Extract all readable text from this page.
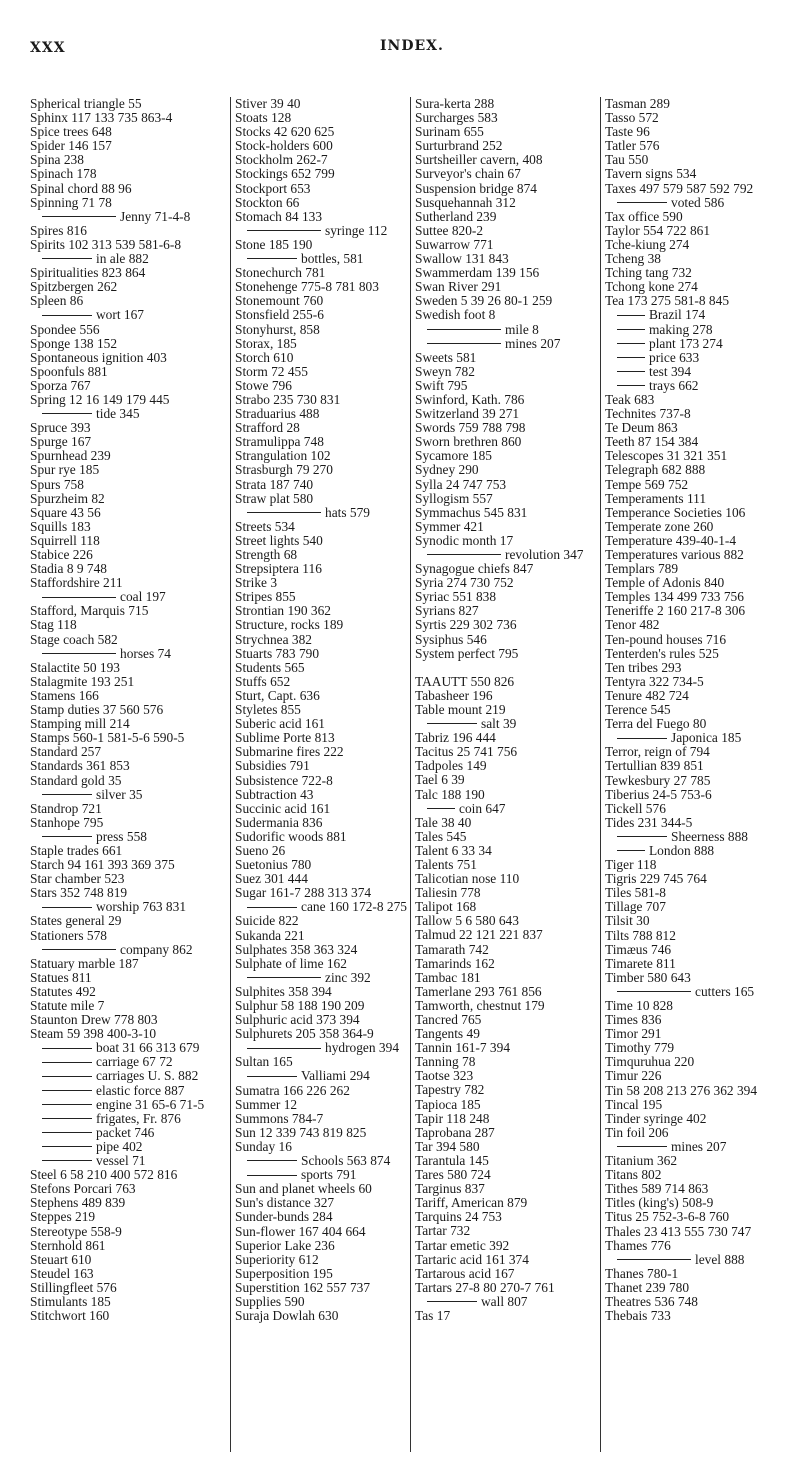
XXX	INDEX.
Spherical triangle 55
Sphinx 117 133 735 863-4
Spice trees 648
Spider 146 157
Spina 238
Spinach 178
Spinal chord 88 96
Spinning 71 78
Jenny 71-4-8
Spires 816
Spirits 102 313 539 581-6-8
in ale 882
Spiritualities 823 864
Spitzbergen 262
Spleen 86
wort 167
Spondee 556
Sponge 138 152
Spontaneous ignition 403
Spoonfuls 881
Sporza 767
Spring 12 16 149 179 445
tide 345
Spruce 393
Spurge 167
Spurnhead 239
Spur rye 185
Spurs 758
Spurzheim 82
Square 43 56
Squills 183
Squirrell 118
Stabice 226
Stadia 8 9 748
Staffordshire 211
coal 197
Stafford, Marquis 715
Stag 118
Stage coach 582
horses 74
Stalactite 50 193
Stalagmite 193 251
Stamens 166
Stamp duties 37 560 576
Stamping mill 214
Stamps 560-1 581-5-6 590-5
Standard 257
Standards 361 853
Standard gold 35
silver 35
Standrop 721
Stanhope 795
press 558
Staple trades 661
Starch 94 161 393 369 375
Star chamber 523
Stars 352 748 819
worship 763 831
States general 29
Stationers 578
company 862
Statuary marble 187
Statues 811
Statutes 492
Statute mile 7
Staunton Drew 778 803
Steam 59 398 400-3-10
boat 31 66 313 679
carriage 67 72
carriages U. S. 882
elastic force 887
engine 31 65-6 71-5
frigates, Fr. 876
packet 746
pipe 402
vessel 71
Steel 6 58 210 400 572 816
Stefons Porcari 763
Stephens 489 839
Steppes 219
Stereotype 558-9
Sternhold 861
Steuart 610
Steudel 163
Stillingfleet 576
Stimulants 185
Stitchwort 160
Stiver 39 40
Stoats 128
Stocks 42 620 625
Stock-holders 600
Stockholm 262-7
Stockings 652 799
Stockport 653
Stockton 66
Stomach 84 133
syringe 112
Stone 185 190
bottles, 581
Stonechurch 781
Stonehenge 775-8 781 803
Stonemount 760
Stonsfield 255-6
Stonyhurst, 858
Storax, 185
Storch 610
Storm 72 455
Stowe 796
Strabo 235 730 831
Straduarius 488
Strafford 28
Stramulippa 748
Strangulation 102
Strasburgh 79 270
Strata 187 740
Straw plat 580
hats 579
Streets 534
Street lights 540
Strength 68
Strepsiptera 116
Strike 3
Stripes 855
Strontian 190 362
Structure, rocks 189
Strychnea 382
Stuarts 783 790
Students 565
Stuffs 652
Sturt, Capt. 636
Styletes 855
Suberic acid 161
Sublime Porte 813
Submarine fires 222
Subsidies 791
Subsistence 722-8
Subtraction 43
Succinic acid 161
Sudermania 836
Sudorific woods 881
Sueno 26
Suetonius 780
Suez 301 444
Sugar 161-7 288 313 374
cane 160 172-8 275
Suicide 822
Sukanda 221
Sulphates 358 363 324
Sulphate of lime 162
zinc 392
Sulphites 358 394
Sulphur 58 188 190 209
Sulphuric acid 373 394
Sulphurets 205 358 364-9
hydrogen 394
Sultan 165
Valliami 294
Sumatra 166 226 262
Summer 12
Summons 784-7
Sun 12 339 743 819 825
Sunday 16
Schools 563 874
sports 791
Sun and planet wheels 60
Sun's distance 327
Sunder-bunds 284
Sun-flower 167 404 664
Superior Lake 236
Superiority 612
Superposition 195
Superstition 162 557 737
Supplies 590
Suraja Dowlah 630
Sura-kerta 288
Surcharges 583
Surinam 655
Surturbrand 252
Surtsheiller cavern, 408
Surveyor's chain 67
Suspension bridge 874
Susquehannah 312
Sutherland 239
Suttee 820-2
Suwarrow 771
Swallow 131 843
Swammerdam 139 156
Swan River 291
Sweden 5 39 26 80-1 259
Swedish foot 8
mile 8
mines 207
Sweets 581
Sweyn 782
Swift 795
Swinford, Kath. 786
Switzerland 39 271
Swords 759 788 798
Sworn brethren 860
Sycamore 185
Sydney 290
Sylla 24 747 753
Syllogism 557
Symmachus 545 831
Symmer 421
Synodic month 17
revolution 347
Synagogue chiefs 847
Syria 274 730 752
Syriac 551 838
Syrians 827
Syrtis 229 302 736
Sysiphus 546
System perfect 795
TAAUTT 550 826
Tabasheer 196
Table mount 219
salt 39
Tabriz 196 444
Tacitus 25 741 756
Tadpoles 149
Tael 6 39
Talc 188 190
coin 647
Tale 38 40
Tales 545
Talent 6 33 34
Talents 751
Talicotian nose 110
Taliesin 778
Talipot 168
Tallow 5 6 580 643
Talmud 22 121 221 837
Tamarath 742
Tamarinds 162
Tambac 181
Tamerlane 293 761 856
Tamworth, chestnut 179
Tancred 765
Tangents 49
Tannin 161-7 394
Tanning 78
Taotse 323
Tapestry 782
Tapioca 185
Tapir 118 248
Taprobana 287
Tar 394 580
Tarantula 145
Tares 580 724
Targinus 837
Tariff, American 879
Tarquins 24 753
Tartar 732
Tartar emetic 392
Tartaric acid 161 374
Tartarous acid 167
Tartars 27-8 80 270-7 761
wall 807
Tas 17
Tasman 289
Tasso 572
Taste 96
Tatler 576
Tau 550
Tavern signs 534
Taxes 497 579 587 592 792
voted 586
Tax office 590
Taylor 554 722 861
Tche-kiung 274
Tcheng 38
Tching tang 732
Tchong kone 274
Tea 173 275 581-8 845
Brazil 174
making 278
plant 173 274
price 633
test 394
trays 662
Teak 683
Technites 737-8
Te Deum 863
Teeth 87 154 384
Telescopes 31 321 351
Telegraph 682 888
Tempe 569 752
Temperaments 111
Temperance Societies 106
Temperate zone 260
Temperature 439-40-1-4
Temperatures various 882
Templars 789
Temple of Adonis 840
Temples 134 499 733 756
Teneriffe 2 160 217-8 306
Tenor 482
Ten-pound houses 716
Tenterden's rules 525
Ten tribes 293
Tentyra 322 734-5
Tenure 482 724
Terence 545
Terra del Fuego 80
Japonica 185
Terror, reign of 794
Tertullian 839 851
Tewkesbury 27 785
Tiberius 24-5 753-6
Tickell 576
Tides 231 344-5
Sheerness 888
London 888
Tiger 118
Tigris 229 745 764
Tiles 581-8
Tillage 707
Tilsit 30
Tilts 788 812
Timæus 746
Timarete 811
Timber 580 643
cutters 165
Time 10 828
Times 836
Timor 291
Timothy 779
Timquruhua 220
Timur 226
Tin 58 208 213 276 362 394
Tincal 195
Tinder syringe 402
Tin foil 206
mines 207
Titanium 362
Titans 802
Tithes 589 714 863
Titles (king's) 508-9
Titus 25 752-3-6-8 760
Thales 23 413 555 730 747
Thames 776
level 888
Thanes 780-1
Thanet 239 780
Theatres 536 748
Thebais 733
